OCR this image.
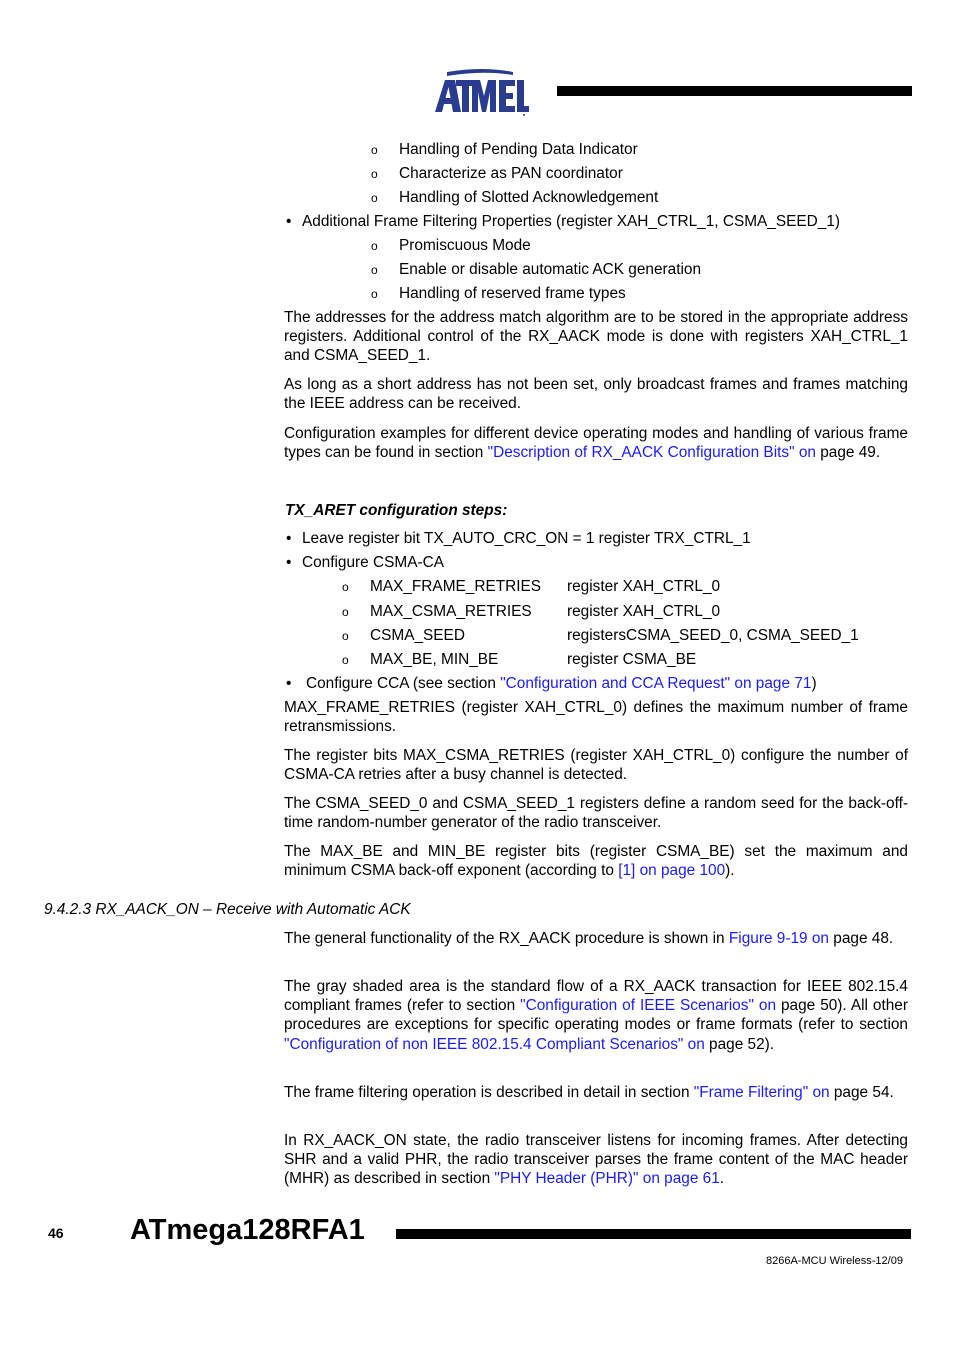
o Handling of Pending Data Indicator
o Characterize as PAN coordinator
o Handling of Slotted Acknowledgement
• Additional Frame Filtering Properties (register XAH_CTRL_1, CSMA_SEED_1)
o Promiscuous Mode
o Enable or disable automatic ACK generation
o Handling of reserved frame types
The addresses for the address match algorithm are to be stored in the appropriate address registers. Additional control of the RX_AACK mode is done with registers XAH_CTRL_1 and CSMA_SEED_1.
As long as a short address has not been set, only broadcast frames and frames matching the IEEE address can be received.
Configuration examples for different device operating modes and handling of various frame types can be found in section "Description of RX_AACK Configuration Bits" on page 49.
TX_ARET configuration steps:
• Leave register bit TX_AUTO_CRC_ON = 1 register TRX_CTRL_1
• Configure CSMA-CA
o MAX_FRAME_RETRIES register XAH_CTRL_0
o MAX_CSMA_RETRIES register XAH_CTRL_0
o CSMA_SEED	registersCSMA_SEED_0, CSMA_SEED_1
o MAX_BE, MIN_BE	register CSMA_BE
• Configure CCA (see section "Configuration and CCA Request" on page 71)
MAX_FRAME_RETRIES (register XAH_CTRL_0) defines the maximum number of frame retransmissions.
The register bits MAX_CSMA_RETRIES (register XAH_CTRL_0) configure the number of CSMA-CA retries after a busy channel is detected.
The CSMA_SEED_0 and CSMA_SEED_1 registers define a random seed for the back-off-time random-number generator of the radio transceiver.
The MAX_BE and MIN_BE register bits (register CSMA_BE) set the maximum and minimum CSMA back-off exponent (according to [1] on page 100).
9.4.2.3 RX_AACK_ON – Receive with Automatic ACK
The general functionality of the RX_AACK procedure is shown in Figure 9-19 on page 48.
The gray shaded area is the standard flow of a RX_AACK transaction for IEEE 802.15.4 compliant frames (refer to section "Configuration of IEEE Scenarios" on page 50). All other procedures are exceptions for specific operating modes or frame formats (refer to section "Configuration of non IEEE 802.15.4 Compliant Scenarios" on page 52).
The frame filtering operation is described in detail in section "Frame Filtering" on page 54.
In RX_AACK_ON state, the radio transceiver listens for incoming frames. After detecting SHR and a valid PHR, the radio transceiver parses the frame content of the MAC header (MHR) as described in section "PHY Header (PHR)" on page 61.
46 ATmega128RFA1
8266A-MCU Wireless-12/09
